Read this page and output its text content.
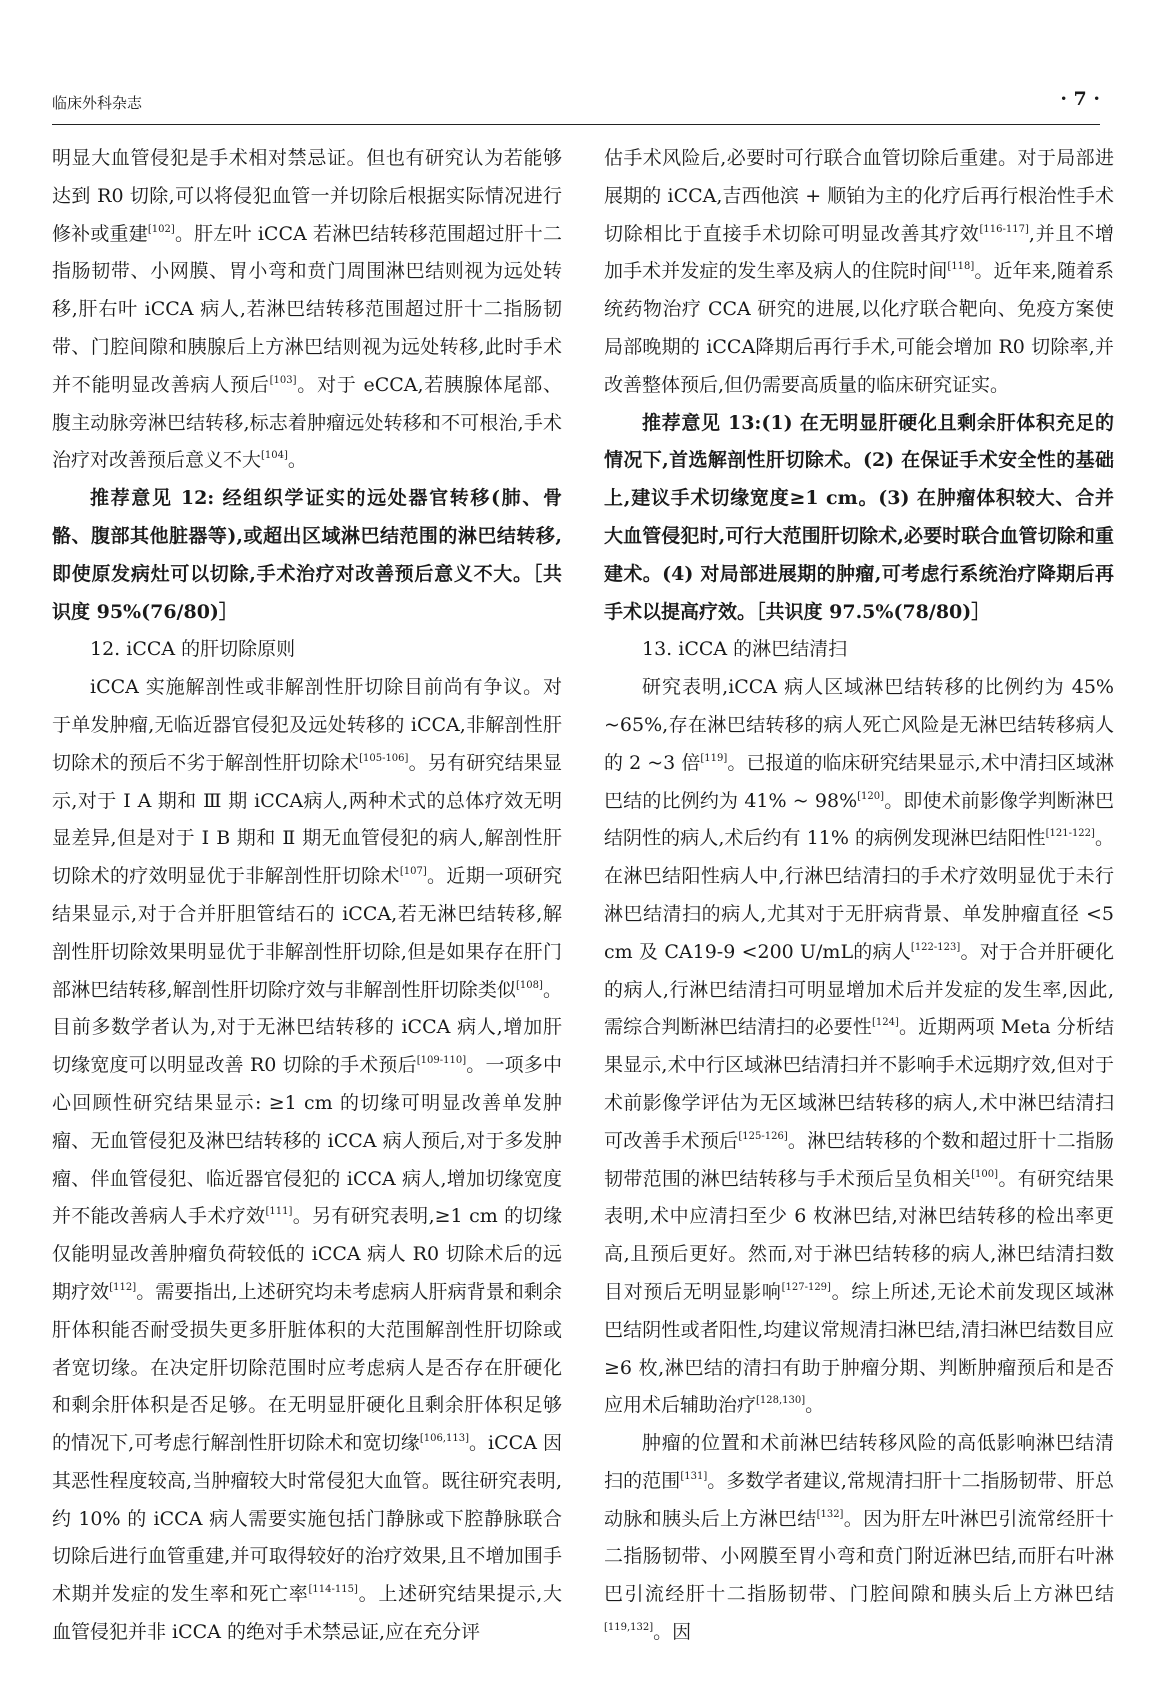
临床外科杂志	· 7 ·

明显大血管侵犯是手术相对禁忌证。但也有研究认为若能够达到 R0 切除,可以将侵犯血管一并切除后根据实际情况进行修补或重建[102]。肝左叶 iCCA 若淋巴结转移范围超过肝十二指肠韧带、小网膜、胃小弯和贲门周围淋巴结则视为远处转移,肝右叶 iCCA 病人,若淋巴结转移范围超过肝十二指肠韧带、门腔间隙和胰腺后上方淋巴结则视为远处转移,此时手术并不能明显改善病人预后[103]。对于 eCCA,若胰腺体尾部、腹主动脉旁淋巴结转移,标志着肿瘤远处转移和不可根治,手术治疗对改善预后意义不大[104]。

推荐意见 12: 经组织学证实的远处器官转移(肺、骨骼、腹部其他脏器等),或超出区域淋巴结范围的淋巴结转移,即使原发病灶可以切除,手术治疗对改善预后意义不大。［共识度 95%(76/80)］

12. iCCA 的肝切除原则

iCCA 实施解剖性或非解剖性肝切除目前尚有争议。对于单发肿瘤,无临近器官侵犯及远处转移的 iCCA,非解剖性肝切除术的预后不劣于解剖性肝切除术[105-106]。另有研究结果显示,对于 Ⅰ A 期和 Ⅲ 期 iCCA病人,两种术式的总体疗效无明显差异,但是对于 Ⅰ B 期和 Ⅱ 期无血管侵犯的病人,解剖性肝切除术的疗效明显优于非解剖性肝切除术[107]。近期一项研究结果显示,对于合并肝胆管结石的 iCCA,若无淋巴结转移,解剖性肝切除效果明显优于非解剖性肝切除,但是如果存在肝门部淋巴结转移,解剖性肝切除疗效与非解剖性肝切除类似[108]。目前多数学者认为,对于无淋巴结转移的 iCCA 病人,增加肝切缘宽度可以明显改善 R0 切除的手术预后[109-110]。一项多中心回顾性研究结果显示: ≥1 cm 的切缘可明显改善单发肿瘤、无血管侵犯及淋巴结转移的 iCCA 病人预后,对于多发肿瘤、伴血管侵犯、临近器官侵犯的 iCCA 病人,增加切缘宽度并不能改善病人手术疗效[111]。另有研究表明,≥1 cm 的切缘仅能明显改善肿瘤负荷较低的 iCCA 病人 R0 切除术后的远期疗效[112]。需要指出,上述研究均未考虑病人肝病背景和剩余肝体积能否耐受损失更多肝脏体积的大范围解剖性肝切除或者宽切缘。在决定肝切除范围时应考虑病人是否存在肝硬化和剩余肝体积是否足够。在无明显肝硬化且剩余肝体积足够的情况下,可考虑行解剖性肝切除术和宽切缘[106,113]。iCCA 因其恶性程度较高,当肿瘤较大时常侵犯大血管。既往研究表明,约 10% 的 iCCA 病人需要实施包括门静脉或下腔静脉联合切除后进行血管重建,并可取得较好的治疗效果,且不增加围手术期并发症的发生率和死亡率[114-115]。上述研究结果提示,大血管侵犯并非 iCCA 的绝对手术禁忌证,应在充分评

估手术风险后,必要时可行联合血管切除后重建。对于局部进展期的 iCCA,吉西他滨 + 顺铂为主的化疗后再行根治性手术切除相比于直接手术切除可明显改善其疗效[116-117],并且不增加手术并发症的发生率及病人的住院时间[118]。近年来,随着系统药物治疗 CCA 研究的进展,以化疗联合靶向、免疫方案使局部晚期的 iCCA降期后再行手术,可能会增加 R0 切除率,并改善整体预后,但仍需要高质量的临床研究证实。

推荐意见 13:(1) 在无明显肝硬化且剩余肝体积充足的情况下,首选解剖性肝切除术。(2) 在保证手术安全性的基础上,建议手术切缘宽度≥1 cm。(3) 在肿瘤体积较大、合并大血管侵犯时,可行大范围肝切除术,必要时联合血管切除和重建术。(4) 对局部进展期的肿瘤,可考虑行系统治疗降期后再手术以提高疗效。［共识度 97.5%(78/80)］

13. iCCA 的淋巴结清扫

研究表明,iCCA 病人区域淋巴结转移的比例约为 45% ~65%,存在淋巴结转移的病人死亡风险是无淋巴结转移病人的 2 ~3 倍[119]。已报道的临床研究结果显示,术中清扫区域淋巴结的比例约为 41% ~ 98%[120]。即使术前影像学判断淋巴结阴性的病人,术后约有 11% 的病例发现淋巴结阳性[121-122]。在淋巴结阳性病人中,行淋巴结清扫的手术疗效明显优于未行淋巴结清扫的病人,尤其对于无肝病背景、单发肿瘤直径 <5 cm 及 CA19-9 <200 U/mL的病人[122-123]。对于合并肝硬化的病人,行淋巴结清扫可明显增加术后并发症的发生率,因此,需综合判断淋巴结清扫的必要性[124]。近期两项 Meta 分析结果显示,术中行区域淋巴结清扫并不影响手术远期疗效,但对于术前影像学评估为无区域淋巴结转移的病人,术中淋巴结清扫可改善手术预后[125-126]。淋巴结转移的个数和超过肝十二指肠韧带范围的淋巴结转移与手术预后呈负相关[100]。有研究结果表明,术中应清扫至少 6 枚淋巴结,对淋巴结转移的检出率更高,且预后更好。然而,对于淋巴结转移的病人,淋巴结清扫数目对预后无明显影响[127-129]。综上所述,无论术前发现区域淋巴结阴性或者阳性,均建议常规清扫淋巴结,清扫淋巴结数目应≥6 枚,淋巴结的清扫有助于肿瘤分期、判断肿瘤预后和是否应用术后辅助治疗[128,130]。

肿瘤的位置和术前淋巴结转移风险的高低影响淋巴结清扫的范围[131]。多数学者建议,常规清扫肝十二指肠韧带、肝总动脉和胰头后上方淋巴结[132]。因为肝左叶淋巴引流常经肝十二指肠韧带、小网膜至胃小弯和贲门附近淋巴结,而肝右叶淋巴引流经肝十二指肠韧带、门腔间隙和胰头后上方淋巴结[119,132]。因
